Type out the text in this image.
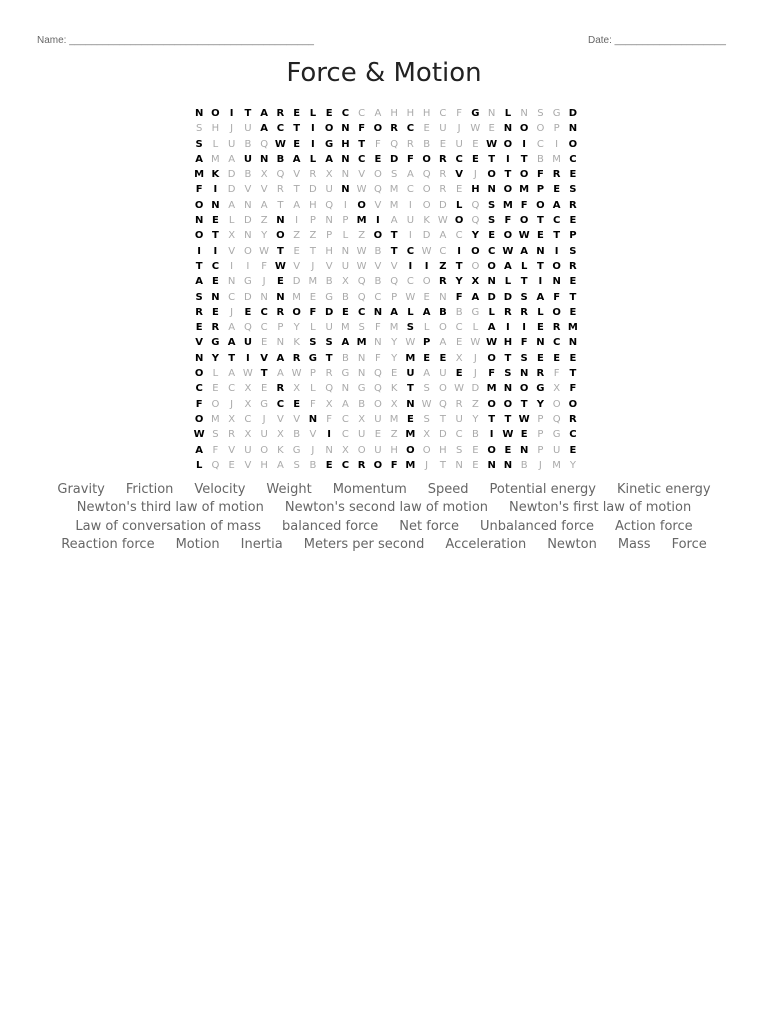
Name: ____________________________________________	Date: ____________________
Force & Motion
N O	I	T A R E L E C C A H H H C F G N L N S G D
S H	J	U A C T	I	O N F O R C E U	J W E N O O P N
S L U B Q W E	I	G H T F Q R B E U E W O	I	C	I	O
A M A U N B A L A N C E D F O R C E T	I	T B M C
M K D B X Q V R X N V O S A Q R V	J	O T O F R E
F	I	D V V R T D U N W Q M C O R E H N O M P E S
O N A N A T A H Q	I	O V M	I	O D L Q S M F O A R
N E	L D Z N	I	P N P M I	A U K W O Q S F O T C E
O T X N Y O Z Z P	L	Z O T	I	D A C Y E O W E T P
I	I	V O W T E	T H N W B T C W C	I	O C W A N	I	S
T C	I	I	F W V	J	V U W V V	I	I	Z T O O A L T O R
A E N G	J	E D M B X Q B Q C O R Y X N L T	I	N E
S N C D N N M E G B Q C P W E N F A D D S A F T
R E	J	E C R O F D E C N A L A B B G L R R L O E
E R A Q C P	Y	L U M S	F M S L O C L A	I	I	E R M
V G A U E N K S S A M N Y W P A E W W H F N C N
N Y T	I	V A R G T B N F	Y M E E X	J	O T S E E E
O L	A W T A W P R G N Q E U A U E	J	F S N R F T
C E C X E R X	L Q N G Q K T S O W D M N O G X F
F O	J	X G C E F X A B O X N W Q R Z O O T Y O O
O M X C	J	V V N F C X U M E S	T U Y T T W P Q R
W S R X U X B V	I	C U E Z M X D C B	I W E P G C
A F V U O K G	J	N X O U H O O H S E O E N P U E
L Q E V H A S B E C R O F M J	T N E N N B	J	M Y
Gravity Friction Velocity Weight Momentum Speed Potential energy Kinetic energy
Newton's third law of motion Newton's second law of motion Newton's first law of motion
Law of conversation of mass balanced force Net force Unbalanced force Action force
Reaction force Motion Inertia Meters per second Acceleration Newton Mass Force
